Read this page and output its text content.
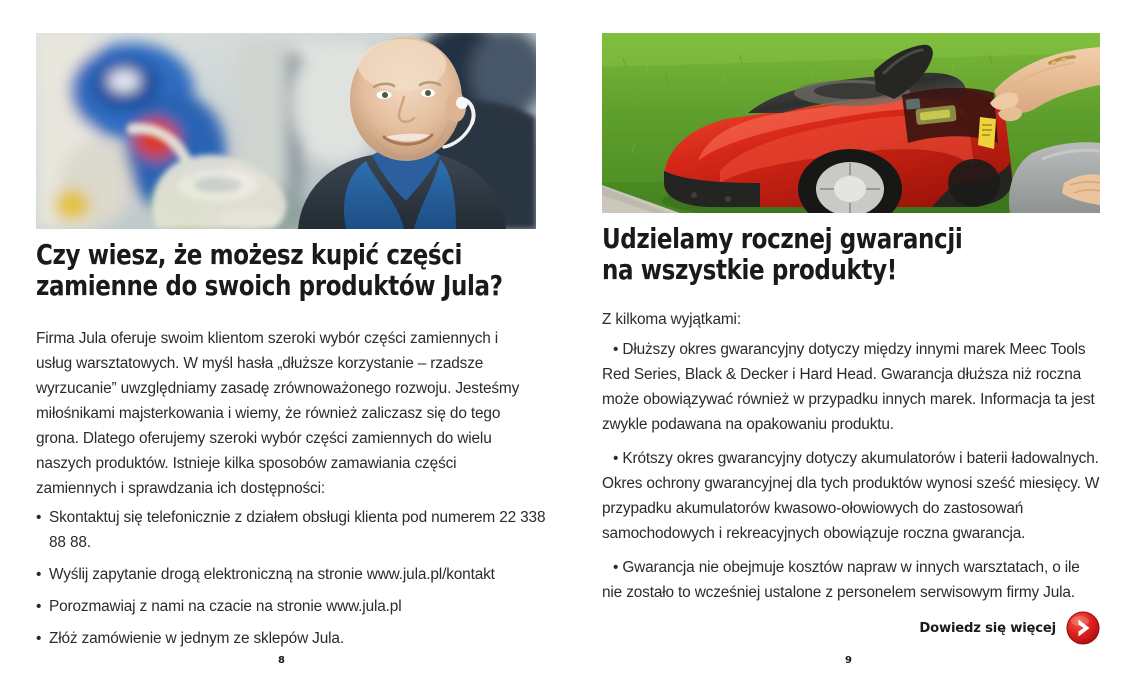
Czy wiesz, że możesz kupić części
zamienne do swoich produktów Jula?

Firma Jula oferuje swoim klientom szeroki wybór części zamiennych i usług warsztatowych. W myśl hasła „dłuższe korzystanie – rzadsze wyrzucanie” uwzględniamy zasadę zrównoważonego rozwoju. Jesteśmy miłośnikami majsterkowania i wiemy, że również zaliczasz się do tego grona. Dlatego oferujemy szeroki wybór części zamiennych do wielu naszych produktów. Istnieje kilka sposobów zamawiania części zamiennych i sprawdzania ich dostępności:

• Skontaktuj się telefonicznie z działem obsługi klienta pod numerem 22 338 88 88.
• Wyślij zapytanie drogą elektroniczną na stronie www.jula.pl/kontakt
• Porozmawiaj z nami na czacie na stronie www.jula.pl
• Złóż zamówienie w jednym ze sklepów Jula.
8
Udzielamy rocznej gwarancji
na wszystkie produkty!

Z kilkoma wyjątkami:

• Dłuższy okres gwarancyjny dotyczy między innymi marek Meec Tools Red Series, Black & Decker i Hard Head. Gwarancja dłuższa niż roczna może obowiązywać również w przypadku innych marek. Informacja ta jest zwykle podawana na opakowaniu produktu.
• Krótszy okres gwarancyjny dotyczy akumulatorów i baterii ładowalnych. Okres ochrony gwarancyjnej dla tych produktów wynosi sześć miesięcy. W przypadku akumulatorów kwasowo-ołowiowych do zastosowań samochodowych i rekreacyjnych obowiązuje roczna gwarancja.
• Gwarancja nie obejmuje kosztów napraw w innych warsztatach, o ile nie zostało to wcześniej ustalone z personelem serwisowym firmy Jula.
Dowiedz się więcej
9
